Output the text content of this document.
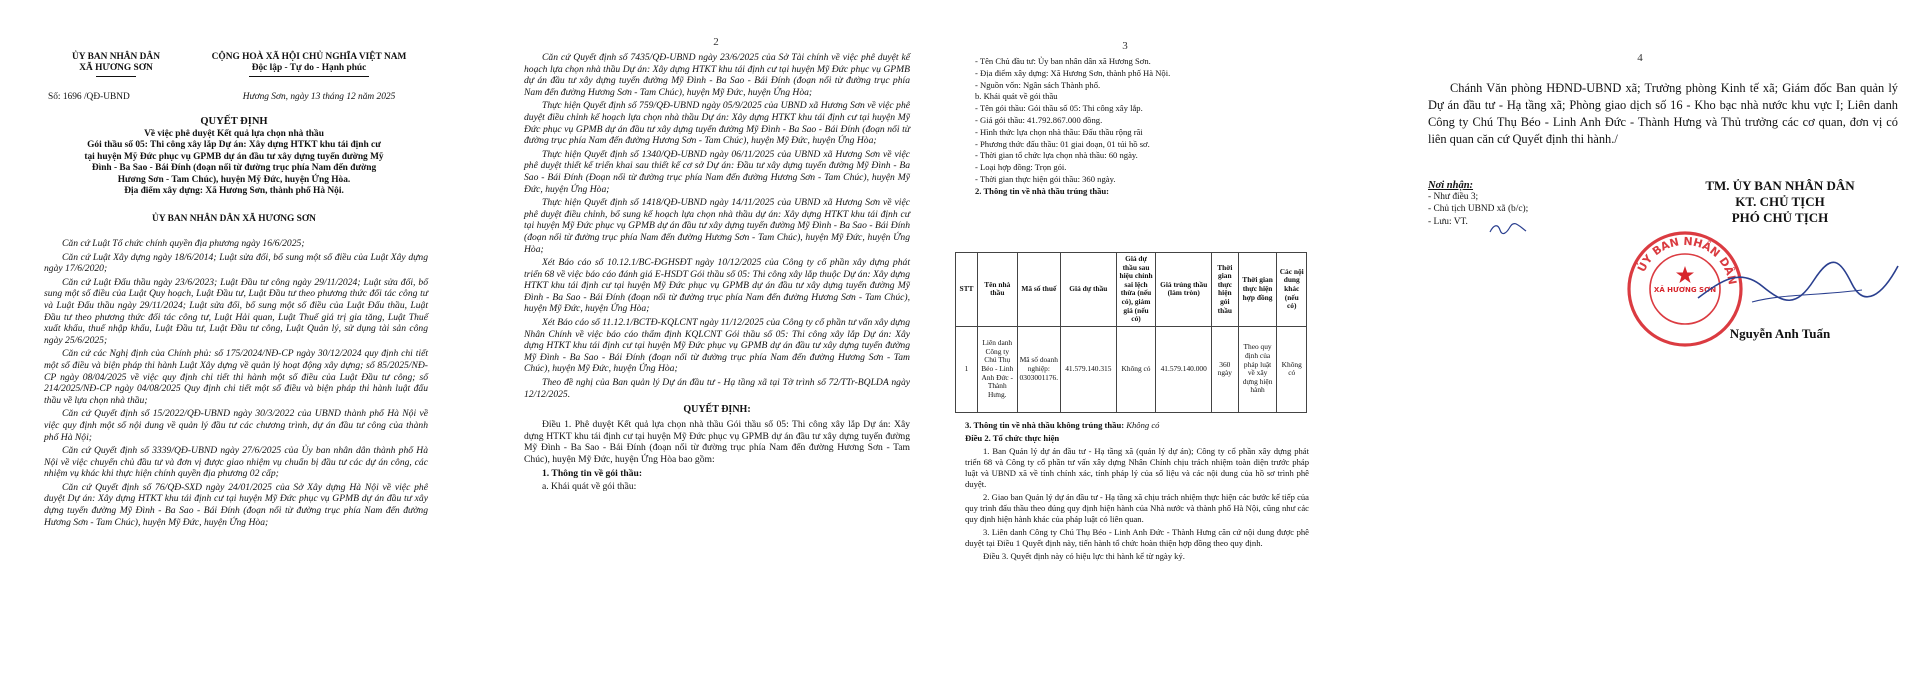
ỦY BAN NHÂN DÂN
XÃ HƯƠNG SƠN
CỘNG HOÀ XÃ HỘI CHỦ NGHĨA VIỆT NAM
Độc lập - Tự do - Hạnh phúc
Số: 1696 /QĐ-UBND	Hương Sơn, ngày 13 tháng 12 năm 2025
QUYẾT ĐỊNH
Về việc phê duyệt Kết quả lựa chọn nhà thầu
Gói thầu số 05: Thi công xây lắp Dự án: Xây dựng HTKT khu tái định cư
tại huyện Mỹ Đức phục vụ GPMB dự án đầu tư xây dựng tuyến đường Mỹ
Đình - Ba Sao - Bái Đính (đoạn nối từ đường trục phía Nam đến đường
Hương Sơn - Tam Chúc), huyện Mỹ Đức, huyện Ứng Hòa.
Địa điểm xây dựng: Xã Hương Sơn, thành phố Hà Nội.
ỦY BAN NHÂN DÂN XÃ HƯƠNG SƠN

Căn cứ Luật Tổ chức chính quyền địa phương ngày 16/6/2025;

Căn cứ Luật Xây dựng ngày 18/6/2014; Luật sửa đổi, bổ sung một số điều của Luật Xây dựng ngày 17/6/2020;

Căn cứ Luật Đấu thầu ngày 23/6/2023; Luật Đầu tư công ngày 29/11/2024; Luật sửa đổi, bổ sung một số điều của Luật Quy hoạch, Luật Đầu tư, Luật Đầu tư theo phương thức đối tác công tư và Luật Đấu thầu ngày 29/11/2024; Luật sửa đổi, bổ sung một số điều của Luật Đấu thầu, Luật Đầu tư theo phương thức đối tác công tư, Luật Hải quan, Luật Thuế giá trị gia tăng, Luật Thuế xuất khẩu, thuế nhập khẩu, Luật Đầu tư, Luật Đầu tư công, Luật Quản lý, sử dụng tài sản công ngày 25/6/2025;

Căn cứ các Nghị định của Chính phủ: số 175/2024/NĐ-CP ngày 30/12/2024 quy định chi tiết một số điều và biện pháp thi hành Luật Xây dựng về quản lý hoạt động xây dựng; số 85/2025/NĐ-CP ngày 08/04/2025 về việc quy định chi tiết thi hành một số điều của Luật Đầu tư công; số 214/2025/NĐ-CP ngày 04/08/2025 Quy định chi tiết một số điều và biện pháp thi hành luật đấu thầu về lựa chọn nhà thầu;

Căn cứ Quyết định số 15/2022/QĐ-UBND ngày 30/3/2022 của UBND thành phố Hà Nội về việc quy định một số nội dung về quản lý đầu tư các chương trình, dự án đầu tư công của thành phố Hà Nội;

Căn cứ Quyết định số 3339/QĐ-UBND ngày 27/6/2025 của Ủy ban nhân dân thành phố Hà Nội về việc chuyển chủ đầu tư và đơn vị được giao nhiệm vụ chuẩn bị đầu tư các dự án công, các nhiệm vụ khác khi thực hiện chính quyền địa phương 02 cấp;

Căn cứ Quyết định số 76/QĐ-SXD ngày 24/01/2025 của Sở Xây dựng Hà Nội về việc phê duyệt Dự án: Xây dựng HTKT khu tái định cư tại huyện Mỹ Đức phục vụ GPMB dự án đầu tư xây dựng tuyến đường Mỹ Đình - Ba Sao - Bái Đính (đoạn nối từ đường trục phía Nam đến đường Hương Sơn - Tam Chúc), huyện Mỹ Đức, huyện Ứng Hòa;

2

Căn cứ Quyết định số 7435/QĐ-UBND ngày 23/6/2025 của Sở Tài chính về việc phê duyệt kế hoạch lựa chọn nhà thầu Dự án: Xây dựng HTKT khu tái định cư tại huyện Mỹ Đức phục vụ GPMB dự án đầu tư xây dựng tuyến đường Mỹ Đình - Ba Sao - Bái Đính (đoạn nối từ đường trục phía Nam đến đường Hương Sơn - Tam Chúc), huyện Mỹ Đức, huyện Ứng Hòa;

Thực hiện Quyết định số 759/QĐ-UBND ngày 05/9/2025 của UBND xã Hương Sơn về việc phê duyệt điều chỉnh kế hoạch lựa chọn nhà thầu Dự án: Xây dựng HTKT khu tái định cư tại huyện Mỹ Đức phục vụ GPMB dự án đầu tư xây dựng tuyến đường Mỹ Đình - Ba Sao - Bái Đính (đoạn nối từ đường trục phía Nam đến đường Hương Sơn - Tam Chúc), huyện Mỹ Đức, huyện Ứng Hòa;

Thực hiện Quyết định số 1340/QĐ-UBND ngày 06/11/2025 của UBND xã Hương Sơn về việc phê duyệt thiết kế triển khai sau thiết kế cơ sở Dự án: Đầu tư xây dựng tuyến đường Mỹ Đình - Ba Sao - Bái Đính (Đoạn nối từ đường trục phía Nam đến đường Hương Sơn - Tam Chúc), huyện Mỹ Đức, huyện Ứng Hòa;

Thực hiện Quyết định số 1418/QĐ-UBND ngày 14/11/2025 của UBND xã Hương Sơn về việc phê duyệt điều chỉnh, bổ sung kế hoạch lựa chọn nhà thầu dự án: Xây dựng HTKT khu tái định cư tại huyện Mỹ Đức phục vụ GPMB dự án đầu tư xây dựng tuyến đường Mỹ Đình - Ba Sao - Bái Đính (đoạn nối từ đường trục phía Nam đến đường Hương Sơn - Tam Chúc), huyện Mỹ Đức, huyện Ứng Hòa;

Xét Báo cáo số 10.12.1/BC-ĐGHSĐT ngày 10/12/2025 của Công ty cổ phần xây dựng phát triển 68 về việc báo cáo đánh giá E-HSDT Gói thầu số 05: Thi công xây lắp thuộc Dự án: Xây dựng HTKT khu tái định cư tại huyện Mỹ Đức phục vụ GPMB dự án đầu tư xây dựng tuyến đường Mỹ Đình - Ba Sao - Bái Đính (đoạn nối từ đường trục phía Nam đến đường Hương Sơn - Tam Chúc), huyện Mỹ Đức, huyện Ứng Hòa;

Xét Báo cáo số 11.12.1/BCTĐ-KQLCNT ngày 11/12/2025 của Công ty cổ phần tư vấn xây dựng Nhân Chính về việc báo cáo thẩm định KQLCNT Gói thầu số 05: Thi công xây lắp Dự án: Xây dựng HTKT khu tái định cư tại huyện Mỹ Đức phục vụ GPMB dự án đầu tư xây dựng tuyến đường Mỹ Đình - Ba Sao - Bái Đính (đoạn nối từ đường trục phía Nam đến đường Hương Sơn - Tam Chúc), huyện Mỹ Đức, huyện Ứng Hòa;

Theo đề nghị của Ban quản lý Dự án đầu tư - Hạ tầng xã tại Tờ trình số 72/TTr-BQLDA ngày 12/12/2025.

QUYẾT ĐỊNH:

Điều 1. Phê duyệt Kết quả lựa chọn nhà thầu Gói thầu số 05: Thi công xây lắp Dự án: Xây dựng HTKT khu tái định cư tại huyện Mỹ Đức phục vụ GPMB dự án đầu tư xây dựng tuyến đường Mỹ Đình - Ba Sao - Bái Đính (đoạn nối từ đường trục phía Nam đến đường Hương Sơn - Tam Chúc), huyện Mỹ Đức, huyện Ứng Hòa bao gồm:

1. Thông tin về gói thầu:

a. Khái quát về gói thầu:

3
- Tên Chủ đầu tư: Ủy ban nhân dân xã Hương Sơn.
- Địa điểm xây dựng: Xã Hương Sơn, thành phố Hà Nội.
- Nguồn vốn: Ngân sách Thành phố.
b. Khái quát về gói thầu
- Tên gói thầu: Gói thầu số 05: Thi công xây lắp.
- Giá gói thầu: 41.792.867.000 đồng.
- Hình thức lựa chọn nhà thầu: Đấu thầu rộng rãi
- Phương thức đấu thầu: 01 giai đoạn, 01 túi hồ sơ.
- Thời gian tổ chức lựa chọn nhà thầu: 60 ngày.
- Loại hợp đồng: Trọn gói.
- Thời gian thực hiện gói thầu: 360 ngày.
2. Thông tin về nhà thầu trúng thầu:
STT	Tên nhà thầu	Mã số thuế	Giá dự thầu	Giá dự thầu sau hiệu chỉnh sai lệch thừa (nếu có), giảm giá (nếu có)	Giá trúng thầu (làm tròn)	Thời gian thực hiện gói thầu	Thời gian thực hiện hợp đồng	Các nội dung khác (nếu có)
1	Liên danh Công ty Chú Thụ Béo - Linh Anh Đức - Thành Hưng.	Mã số doanh nghiệp: 0303001176.	41.579.140.315	Không có	41.579.140.000	360 ngày	Theo quy định của pháp luật về xây dựng hiện hành	Không có
3. Thông tin về nhà thầu không trúng thầu: Không có
Điều 2. Tổ chức thực hiện

1. Ban Quản lý dự án đầu tư - Hạ tầng xã (quản lý dự án); Công ty cổ phần xây dựng phát triển 68 và Công ty cổ phần tư vấn xây dựng Nhân Chính chịu trách nhiệm toàn diện trước pháp luật và UBND xã về tính chính xác, tính pháp lý của số liệu và các nội dung của hồ sơ trình phê duyệt.

2. Giao ban Quản lý dự án đầu tư - Hạ tầng xã chịu trách nhiệm thực hiện các bước kế tiếp của quy trình đấu thầu theo đúng quy định hiện hành của Nhà nước và thành phố Hà Nội, cũng như các quy định hiện hành khác của pháp luật có liên quan.

3. Liên danh Công ty Chú Thụ Béo - Linh Anh Đức - Thành Hưng căn cứ nội dung được phê duyệt tại Điều 1 Quyết định này, tiến hành tổ chức hoàn thiện hợp đồng theo quy định.

Điều 3. Quyết định này có hiệu lực thi hành kể từ ngày ký.

4

Chánh Văn phòng HĐND-UBND xã; Trưởng phòng Kinh tế xã; Giám đốc Ban quản lý Dự án đầu tư - Hạ tầng xã; Phòng giao dịch số 16 - Kho bạc nhà nước khu vực I; Liên danh Công ty Chú Thụ Béo - Linh Anh Đức - Thành Hưng và Thủ trưởng các cơ quan, đơn vị có liên quan căn cứ Quyết định thi hành./

Nơi nhận:
- Như điều 3;
- Chủ tịch UBND xã (b/c);
- Lưu: VT.
TM. ỦY BAN NHÂN DÂN
KT. CHỦ TỊCH
PHÓ CHỦ TỊCH
ỦY BAN NHÂN DÂN
XÃ HƯƠNG SƠN
Nguyễn Anh Tuấn
